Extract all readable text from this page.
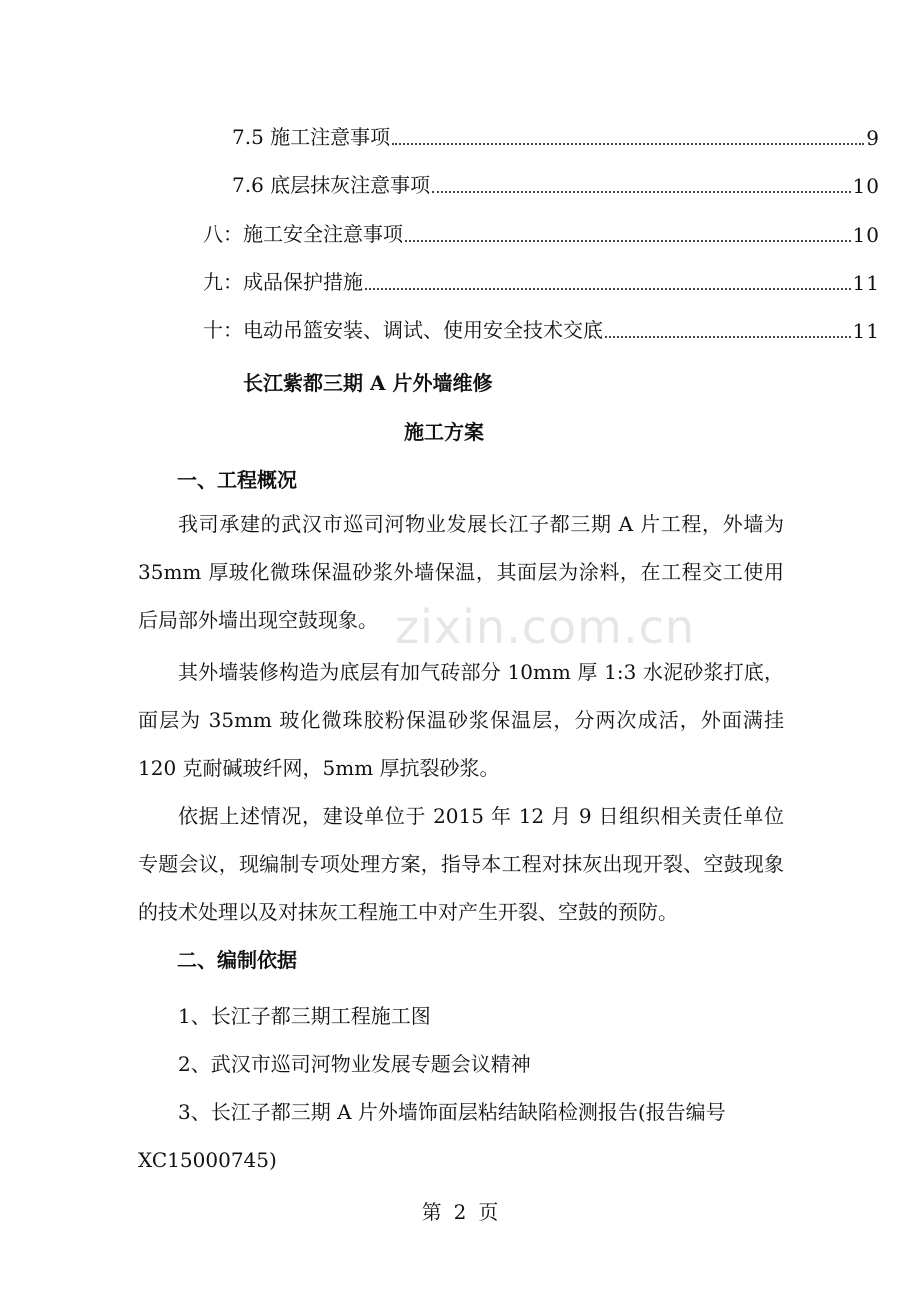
7.5 施工注意事项	9
7.6 底层抹灰注意事项	10
八：施工安全注意事项	10
九：成品保护措施	11
十：电动吊篮安装、调试、使用安全技术交底	11
长江紫都三期 A 片外墙维修
施工方案
一、工程概况
我司承建的武汉市巡司河物业发展长江子都三期 A 片工程，外墙为 35mm 厚玻化微珠保温砂浆外墙保温，其面层为涂料，在工程交工使用后局部外墙出现空鼓现象。
其外墙装修构造为底层有加气砖部分 10mm 厚 1:3 水泥砂浆打底，面层为 35mm 玻化微珠胶粉保温砂浆保温层，分两次成活，外面满挂 120 克耐碱玻纤网，5mm 厚抗裂砂浆。
依据上述情况，建设单位于 2015 年 12 月 9 日组织相关责任单位专题会议，现编制专项处理方案，指导本工程对抹灰出现开裂、空鼓现象的技术处理以及对抹灰工程施工中对产生开裂、空鼓的预防。
二、编制依据
1、长江子都三期工程施工图
2、武汉市巡司河物业发展专题会议精神
3、长江子都三期 A 片外墙饰面层粘结缺陷检测报告(报告编号 XC15000745)
zixin.com.cn
第 2 页
